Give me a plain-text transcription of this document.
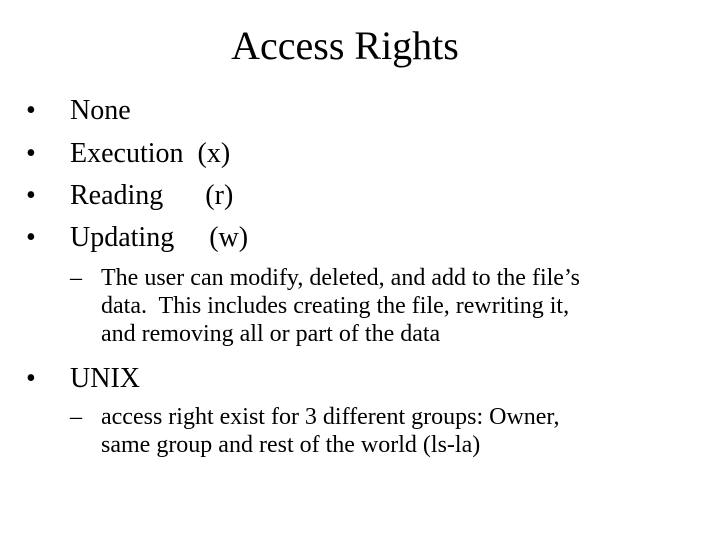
Access Rights

•

None

•

Execution  (x)

•

Reading      (r)

•

Updating     (w)

– The user can modify, deleted, and add to the file’s
data.  This includes creating the file, rewriting it,
and removing all or part of the data

•

UNIX

– access right exist for 3 different groups: Owner,
same group and rest of the world (ls-la)
